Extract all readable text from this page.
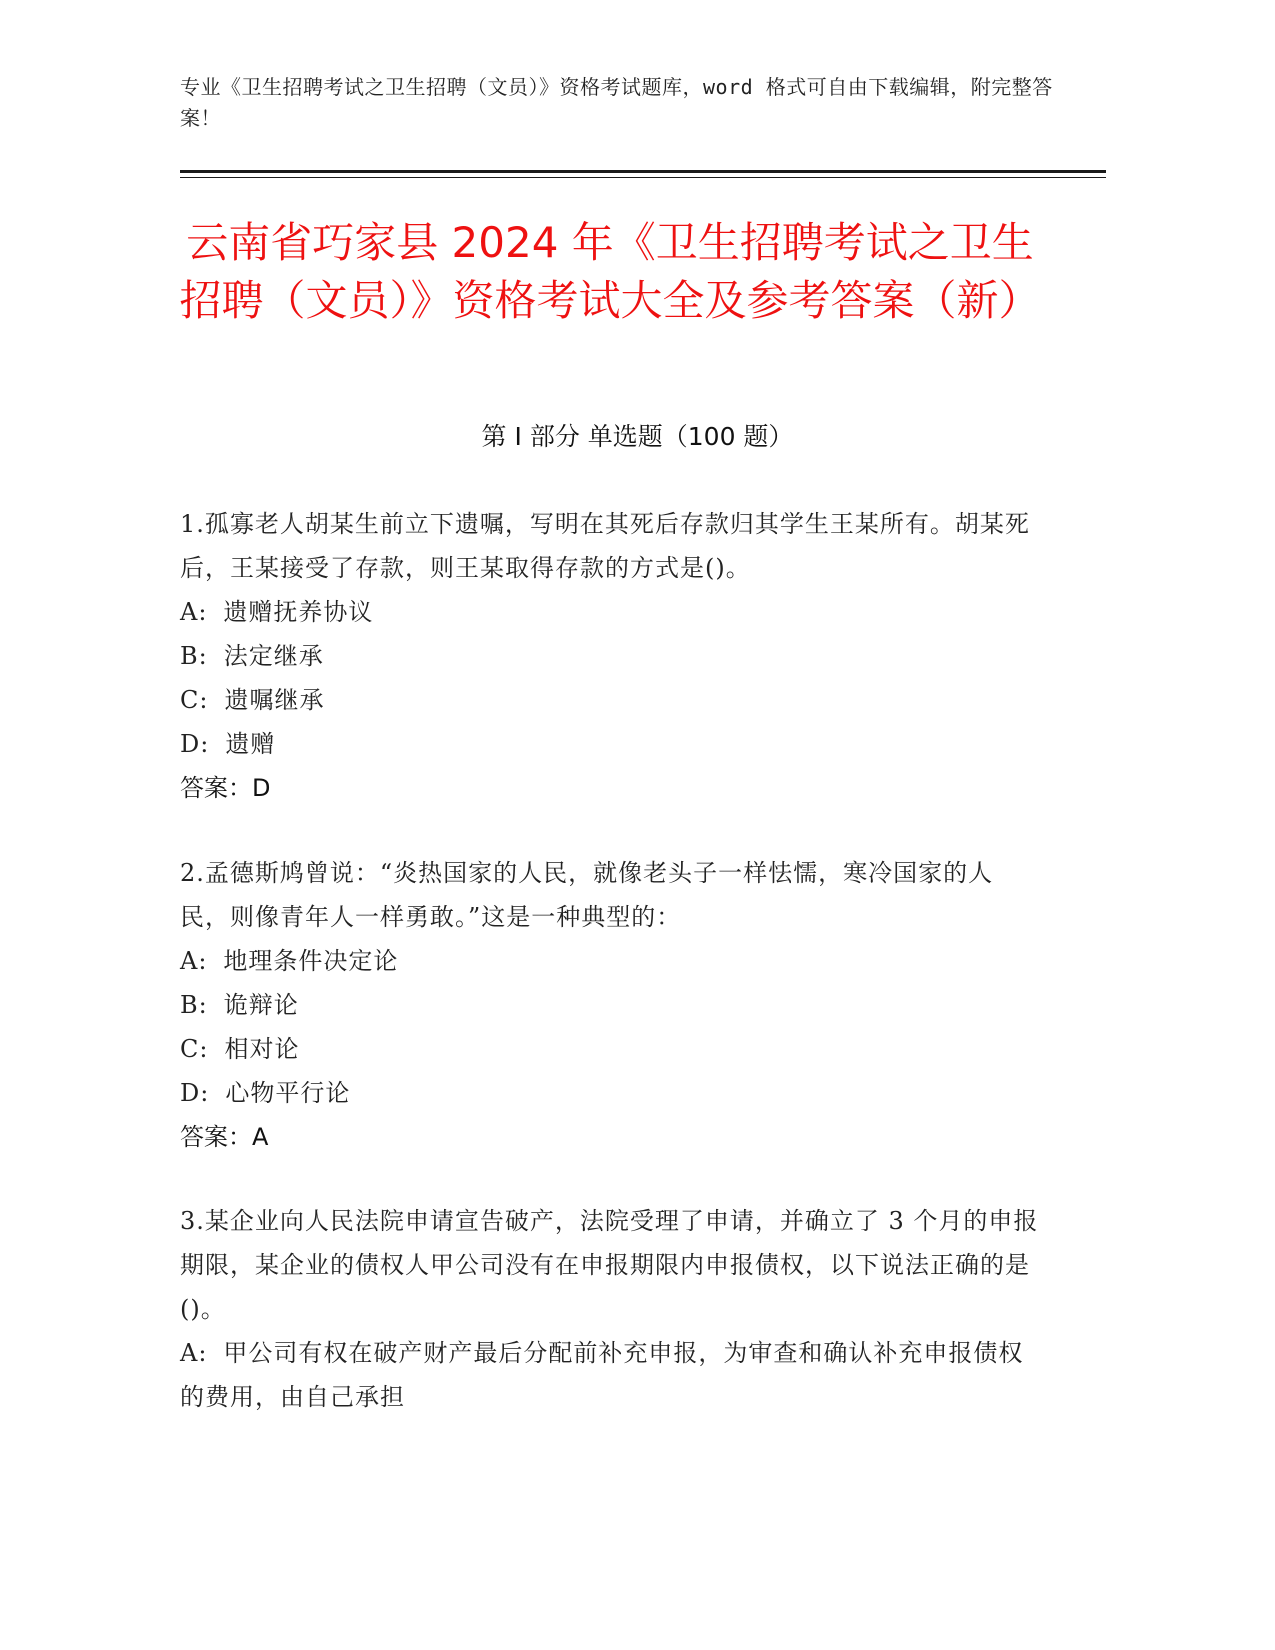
专业《卫生招聘考试之卫生招聘（文员）》资格考试题库，word 格式可自由下载编辑，附完整答案！
云南省巧家县 2024 年《卫生招聘考试之卫生招聘（文员）》资格考试大全及参考答案（新）
第 I 部分 单选题（100 题）

1.孤寡老人胡某生前立下遗嘱，写明在其死后存款归其学生王某所有。胡某死后，王某接受了存款，则王某取得存款的方式是()。

A: 遗赠抚养协议

B: 法定继承

C: 遗嘱继承

D: 遗赠

答案：D

2.孟德斯鸠曾说：“炎热国家的人民，就像老头子一样怯懦，寒冷国家的人民，则像青年人一样勇敢。”这是一种典型的：

A: 地理条件决定论

B: 诡辩论

C: 相对论

D: 心物平行论

答案：A

3.某企业向人民法院申请宣告破产，法院受理了申请，并确立了 3 个月的申报期限，某企业的债权人甲公司没有在申报期限内申报债权，以下说法正确的是()。

A: 甲公司有权在破产财产最后分配前补充申报，为审查和确认补充申报债权的费用，由自己承担
